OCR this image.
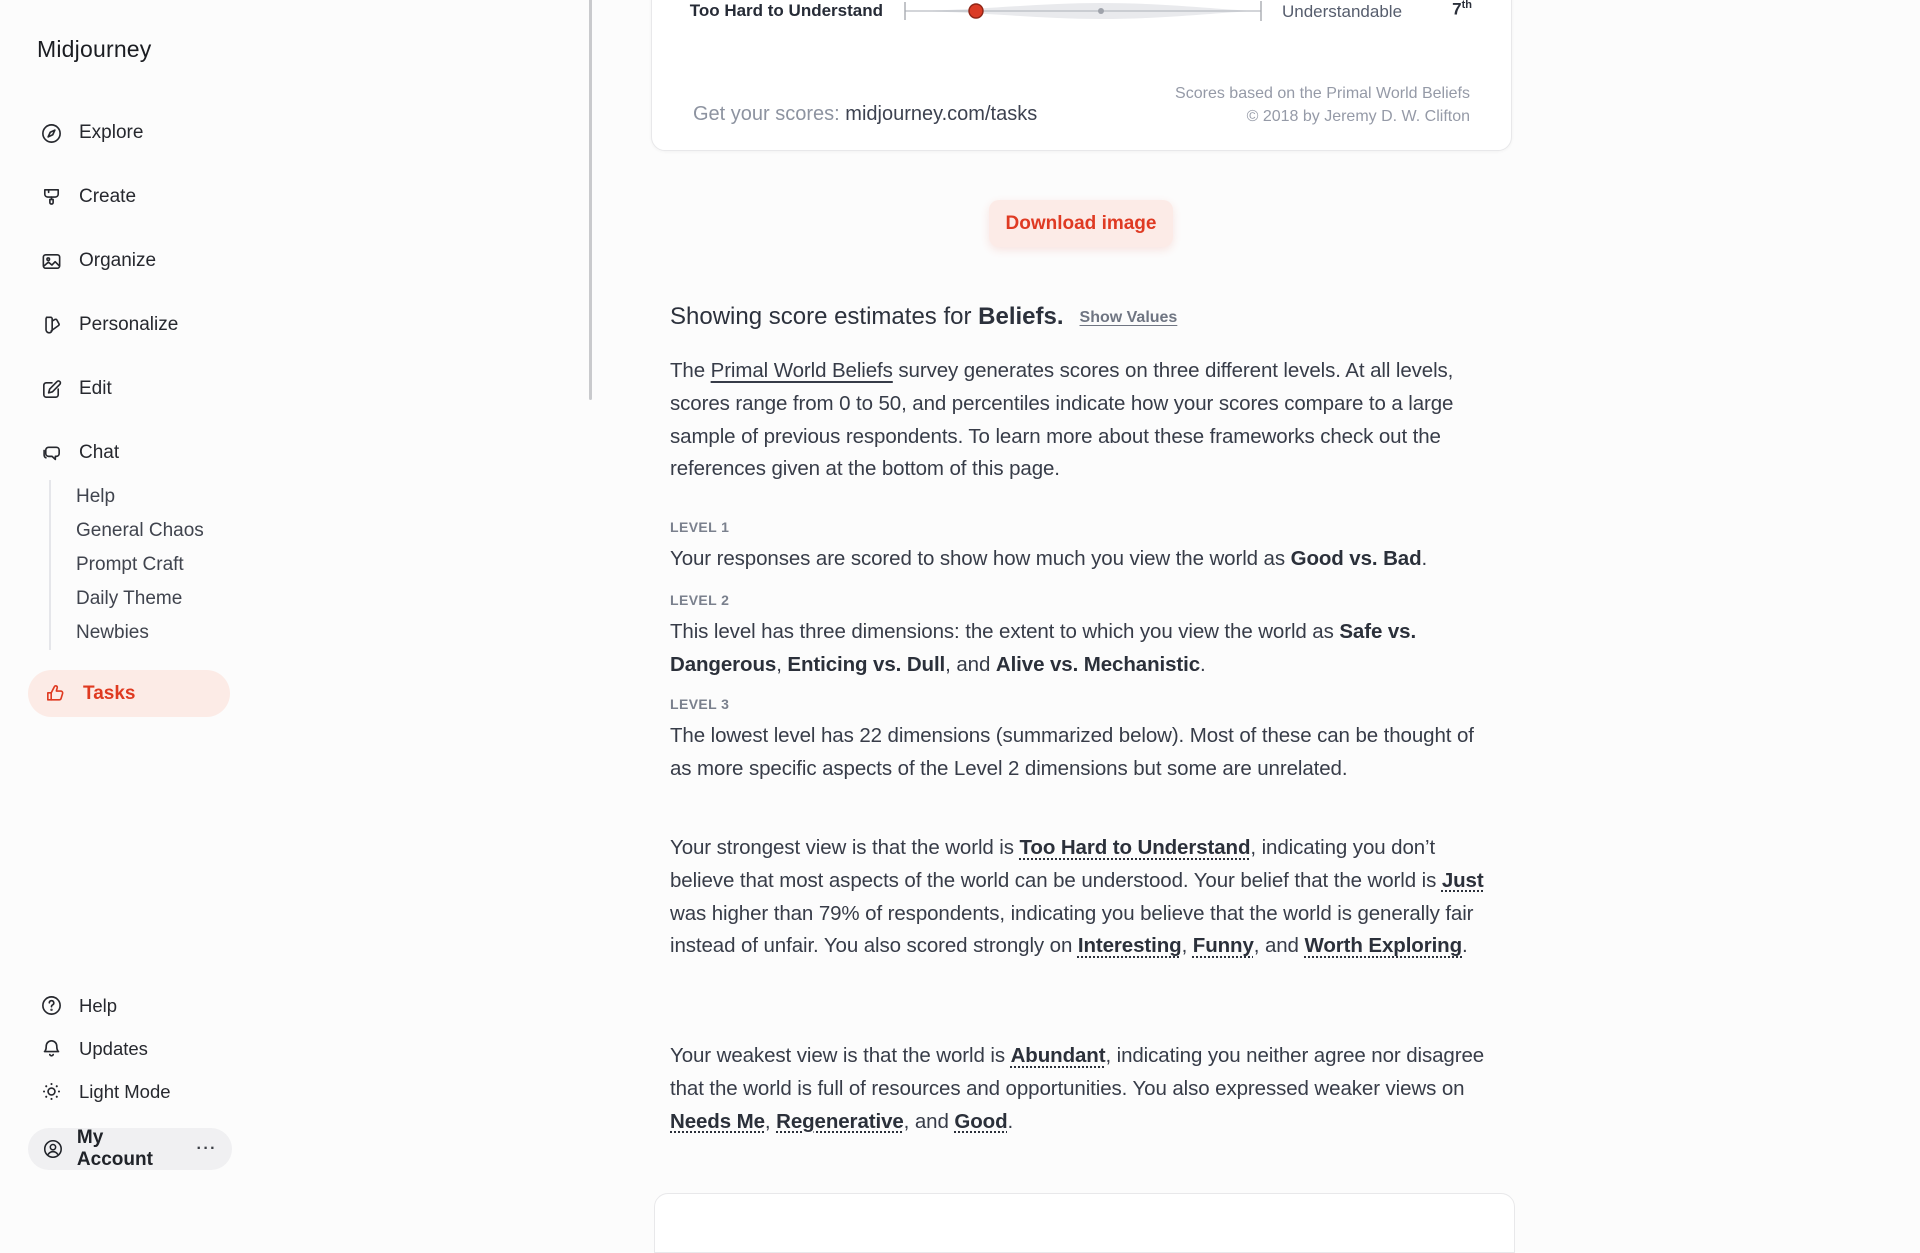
Midjourney
Explore
Create
Organize
Personalize
Edit
Chat
Help
General Chaos
Prompt Craft
Daily Theme
Newbies
Tasks
Help
Updates
Light Mode
My Account
···
Too Hard to Understand	Understandable	7th
Get your scores: midjourney.com/tasks
Scores based on the Primal World Beliefs
© 2018 by Jeremy D. W. Clifton
Download image
Showing score estimates for Beliefs. Show Values

The Primal World Beliefs survey generates scores on three different levels. At all levels, scores range from 0 to 50, and percentiles indicate how your scores compare to a large sample of previous respondents. To learn more about these frameworks check out the references given at the bottom of this page.

LEVEL 1

Your responses are scored to show how much you view the world as Good vs. Bad.

LEVEL 2

This level has three dimensions: the extent to which you view the world as Safe vs. Dangerous, Enticing vs. Dull, and Alive vs. Mechanistic.

LEVEL 3

The lowest level has 22 dimensions (summarized below). Most of these can be thought of as more specific aspects of the Level 2 dimensions but some are unrelated.

Your strongest view is that the world is Too Hard to Understand, indicating you don’t believe that most aspects of the world can be understood. Your belief that the world is Just was higher than 79% of respondents, indicating you believe that the world is generally fair instead of unfair. You also scored strongly on Interesting, Funny, and Worth Exploring.

Your weakest view is that the world is Abundant, indicating you neither agree nor disagree that the world is full of resources and opportunities. You also expressed weaker views on Needs Me, Regenerative, and Good.
